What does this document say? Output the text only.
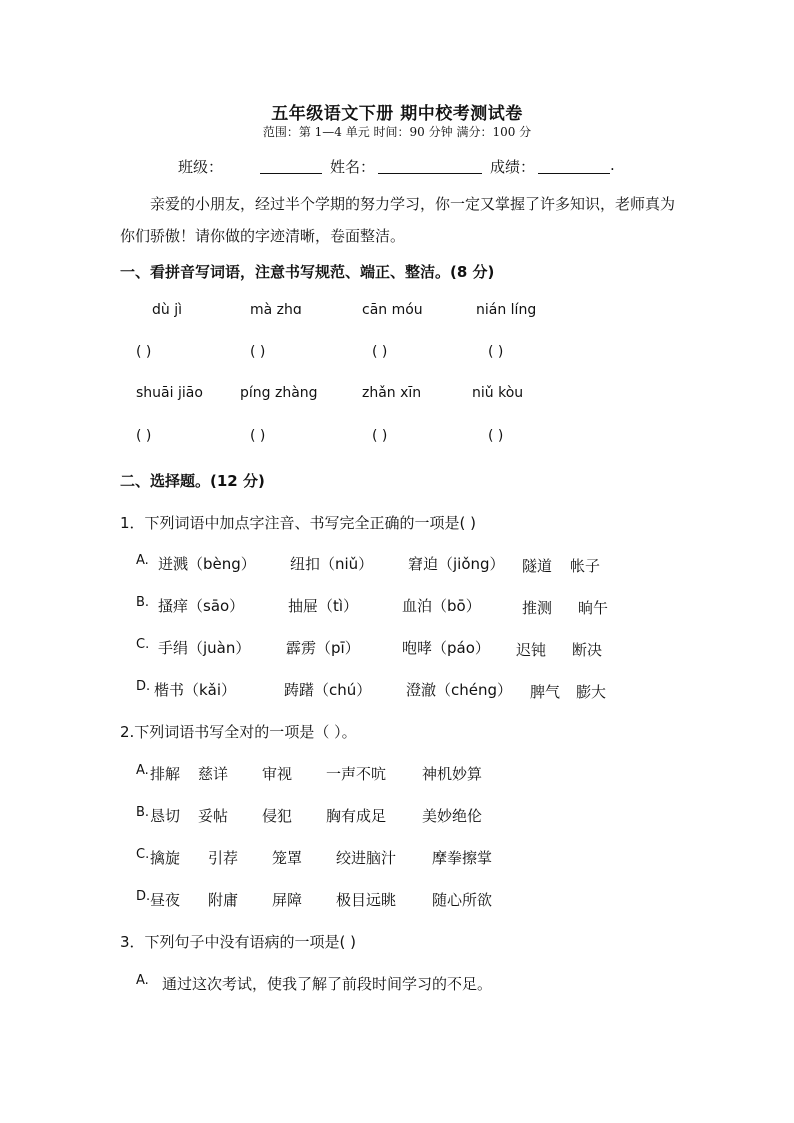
五年级语文下册 期中校考测试卷
范围：第 1—4 单元 时间：90 分钟 满分：100 分
班级：	姓名：	成绩：	.
亲爱的小朋友，经过半个学期的努力学习，你一定又掌握了许多知识，老师真为你们骄傲！请你做的字迹清晰，卷面整洁。
一、看拼音写词语，注意书写规范、端正、整洁。(8 分)
dù jì	mà zhɑ	cān móu	nián líng
( )	( )	( )	( )
shuāi jiāo	píng zhàng	zhǎn xīn	niǔ kòu
( )	( )	( )	( )
二、选择题。(12 分)
1．下列词语中加点字注音、书写完全正确的一项是( )
A. 迸溅（bèng） 纽扣（niǔ） 窘迫（jiǒng） 隧道 帐子
B. 搔痒（sāo）	抽屉（tì）	血泊（bō）	推测 晌午
C. 手绢（juàn） 霹雳（pī）	咆哮（páo） 迟钝 断决
D. 楷书（kǎi）	踌躇（chú） 澄澈（chéng） 脾气 膨大
2.下列词语书写全对的一项是（ ）。
A. 排解 慈详 审视 一声不吭 神机妙算
B. 恳切 妥帖 侵犯 胸有成足 美妙绝伦
C. 擒旋 引荐 笼罩 绞进脑汁 摩拳擦掌
D. 昼夜 附庸 屏障 极目远眺 随心所欲
3．下列句子中没有语病的一项是( )
A. 通过这次考试，使我了解了前段时间学习的不足。
